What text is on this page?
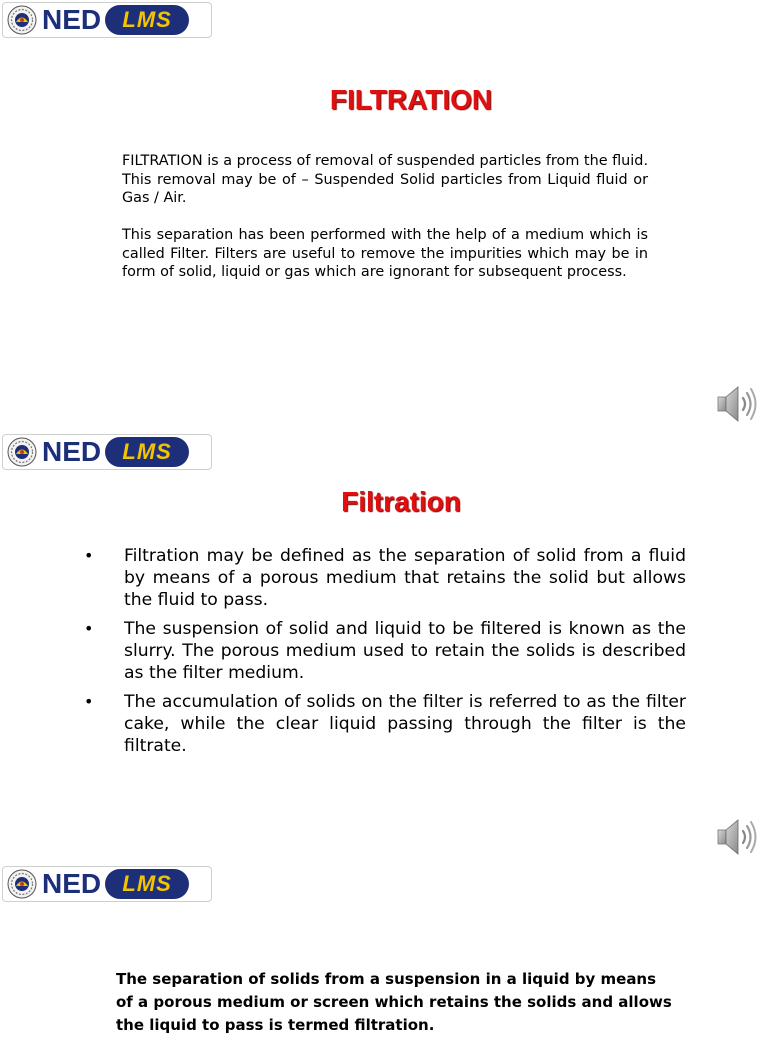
NED LMS
FILTRATION

FILTRATION is a process of removal of suspended particles from the fluid. This removal may be of – Suspended Solid particles from Liquid fluid or Gas / Air.

This separation has been performed with the help of a medium which is called Filter. Filters are useful to remove the impurities which may be in form of solid, liquid or gas which are ignorant for subsequent process.

NED LMS
Filtration
• Filtration may be defined as the separation of solid from a fluid by means of a porous medium that retains the solid but allows the fluid to pass.
• The suspension of solid and liquid to be filtered is known as the slurry. The porous medium used to retain the solids is described as the filter medium.
• The accumulation of solids on the filter is referred to as the filter cake, while the clear liquid passing through the filter is the filtrate.
NED LMS

The separation of solids from a suspension in a liquid by means of a porous medium or screen which retains the solids and allows the liquid to pass is termed filtration.
